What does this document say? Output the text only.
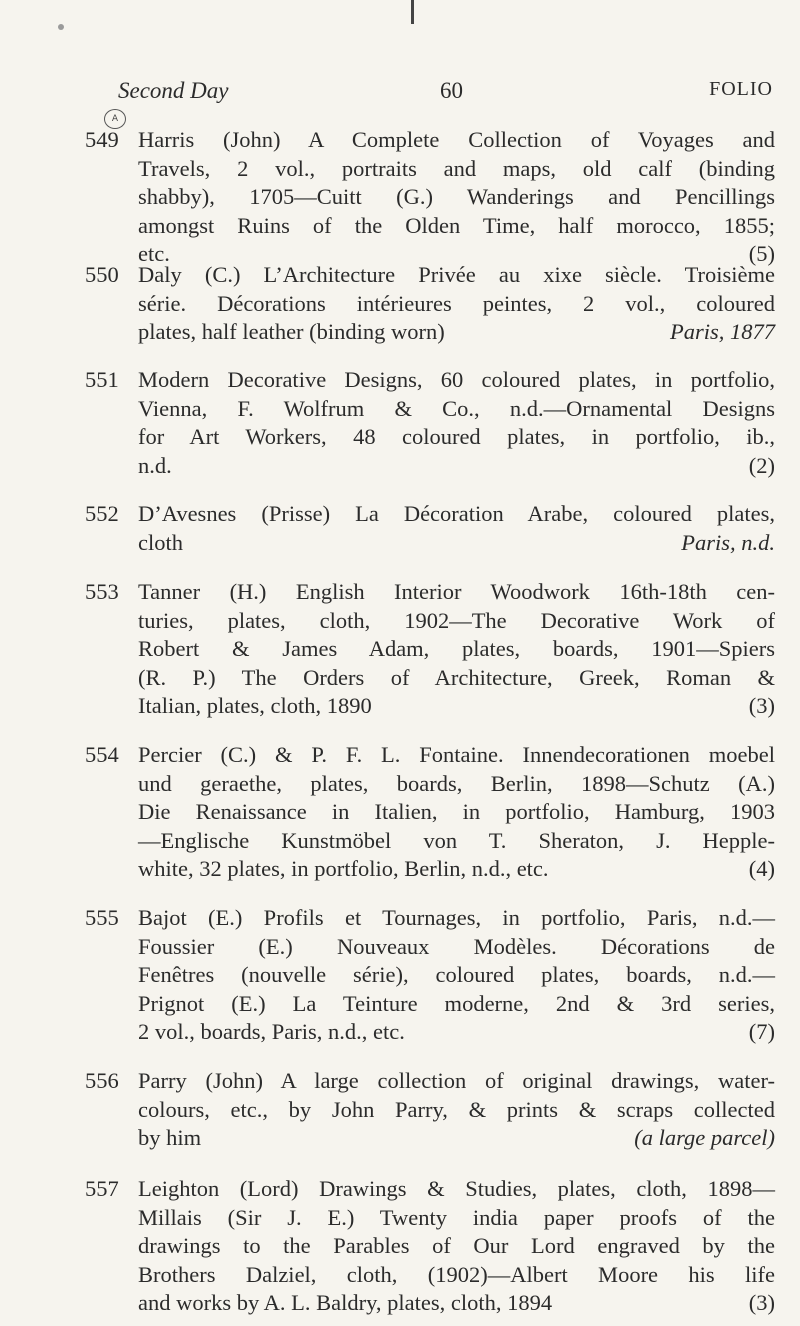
Second Day	60	FOLIO
A
549 Harris (John) A Complete Collection of Voyages and
Travels, 2 vol., portraits and maps, old calf (binding
shabby), 1705—Cuitt (G.) Wanderings and Pencillings
amongst Ruins of the Olden Time, half morocco, 1855;
etc.	(5)
550 Daly (C.) L’Architecture Privée au xixe siècle. Troisième
série. Décorations intérieures peintes, 2 vol., coloured
plates, half leather (binding worn)	Paris, 1877
551 Modern Decorative Designs, 60 coloured plates, in portfolio,
Vienna, F. Wolfrum & Co., n.d.—Ornamental Designs
for Art Workers, 48 coloured plates, in portfolio, ib.,
n.d.	(2)
552 D’Avesnes (Prisse) La Décoration Arabe, coloured plates,
cloth	Paris, n.d.
553 Tanner (H.) English Interior Woodwork 16th-18th cen-
turies, plates, cloth, 1902—The Decorative Work of
Robert & James Adam, plates, boards, 1901—Spiers
(R. P.) The Orders of Architecture, Greek, Roman &
Italian, plates, cloth, 1890	(3)
554 Percier (C.) & P. F. L. Fontaine. Innendecorationen moebel
und geraethe, plates, boards, Berlin, 1898—Schutz (A.)
Die Renaissance in Italien, in portfolio, Hamburg, 1903
—Englische Kunstmöbel von T. Sheraton, J. Hepple-
white, 32 plates, in portfolio, Berlin, n.d., etc.	(4)
555 Bajot (E.) Profils et Tournages, in portfolio, Paris, n.d.—
Foussier (E.) Nouveaux Modèles. Décorations de
Fenêtres (nouvelle série), coloured plates, boards, n.d.—
Prignot (E.) La Teinture moderne, 2nd & 3rd series,
2 vol., boards, Paris, n.d., etc.	(7)
556 Parry (John) A large collection of original drawings, water-
colours, etc., by John Parry, & prints & scraps collected
by him	(a large parcel)
557 Leighton (Lord) Drawings & Studies, plates, cloth, 1898—
Millais (Sir J. E.) Twenty india paper proofs of the
drawings to the Parables of Our Lord engraved by the
Brothers Dalziel, cloth, (1902)—Albert Moore his life
and works by A. L. Baldry, plates, cloth, 1894	(3)
